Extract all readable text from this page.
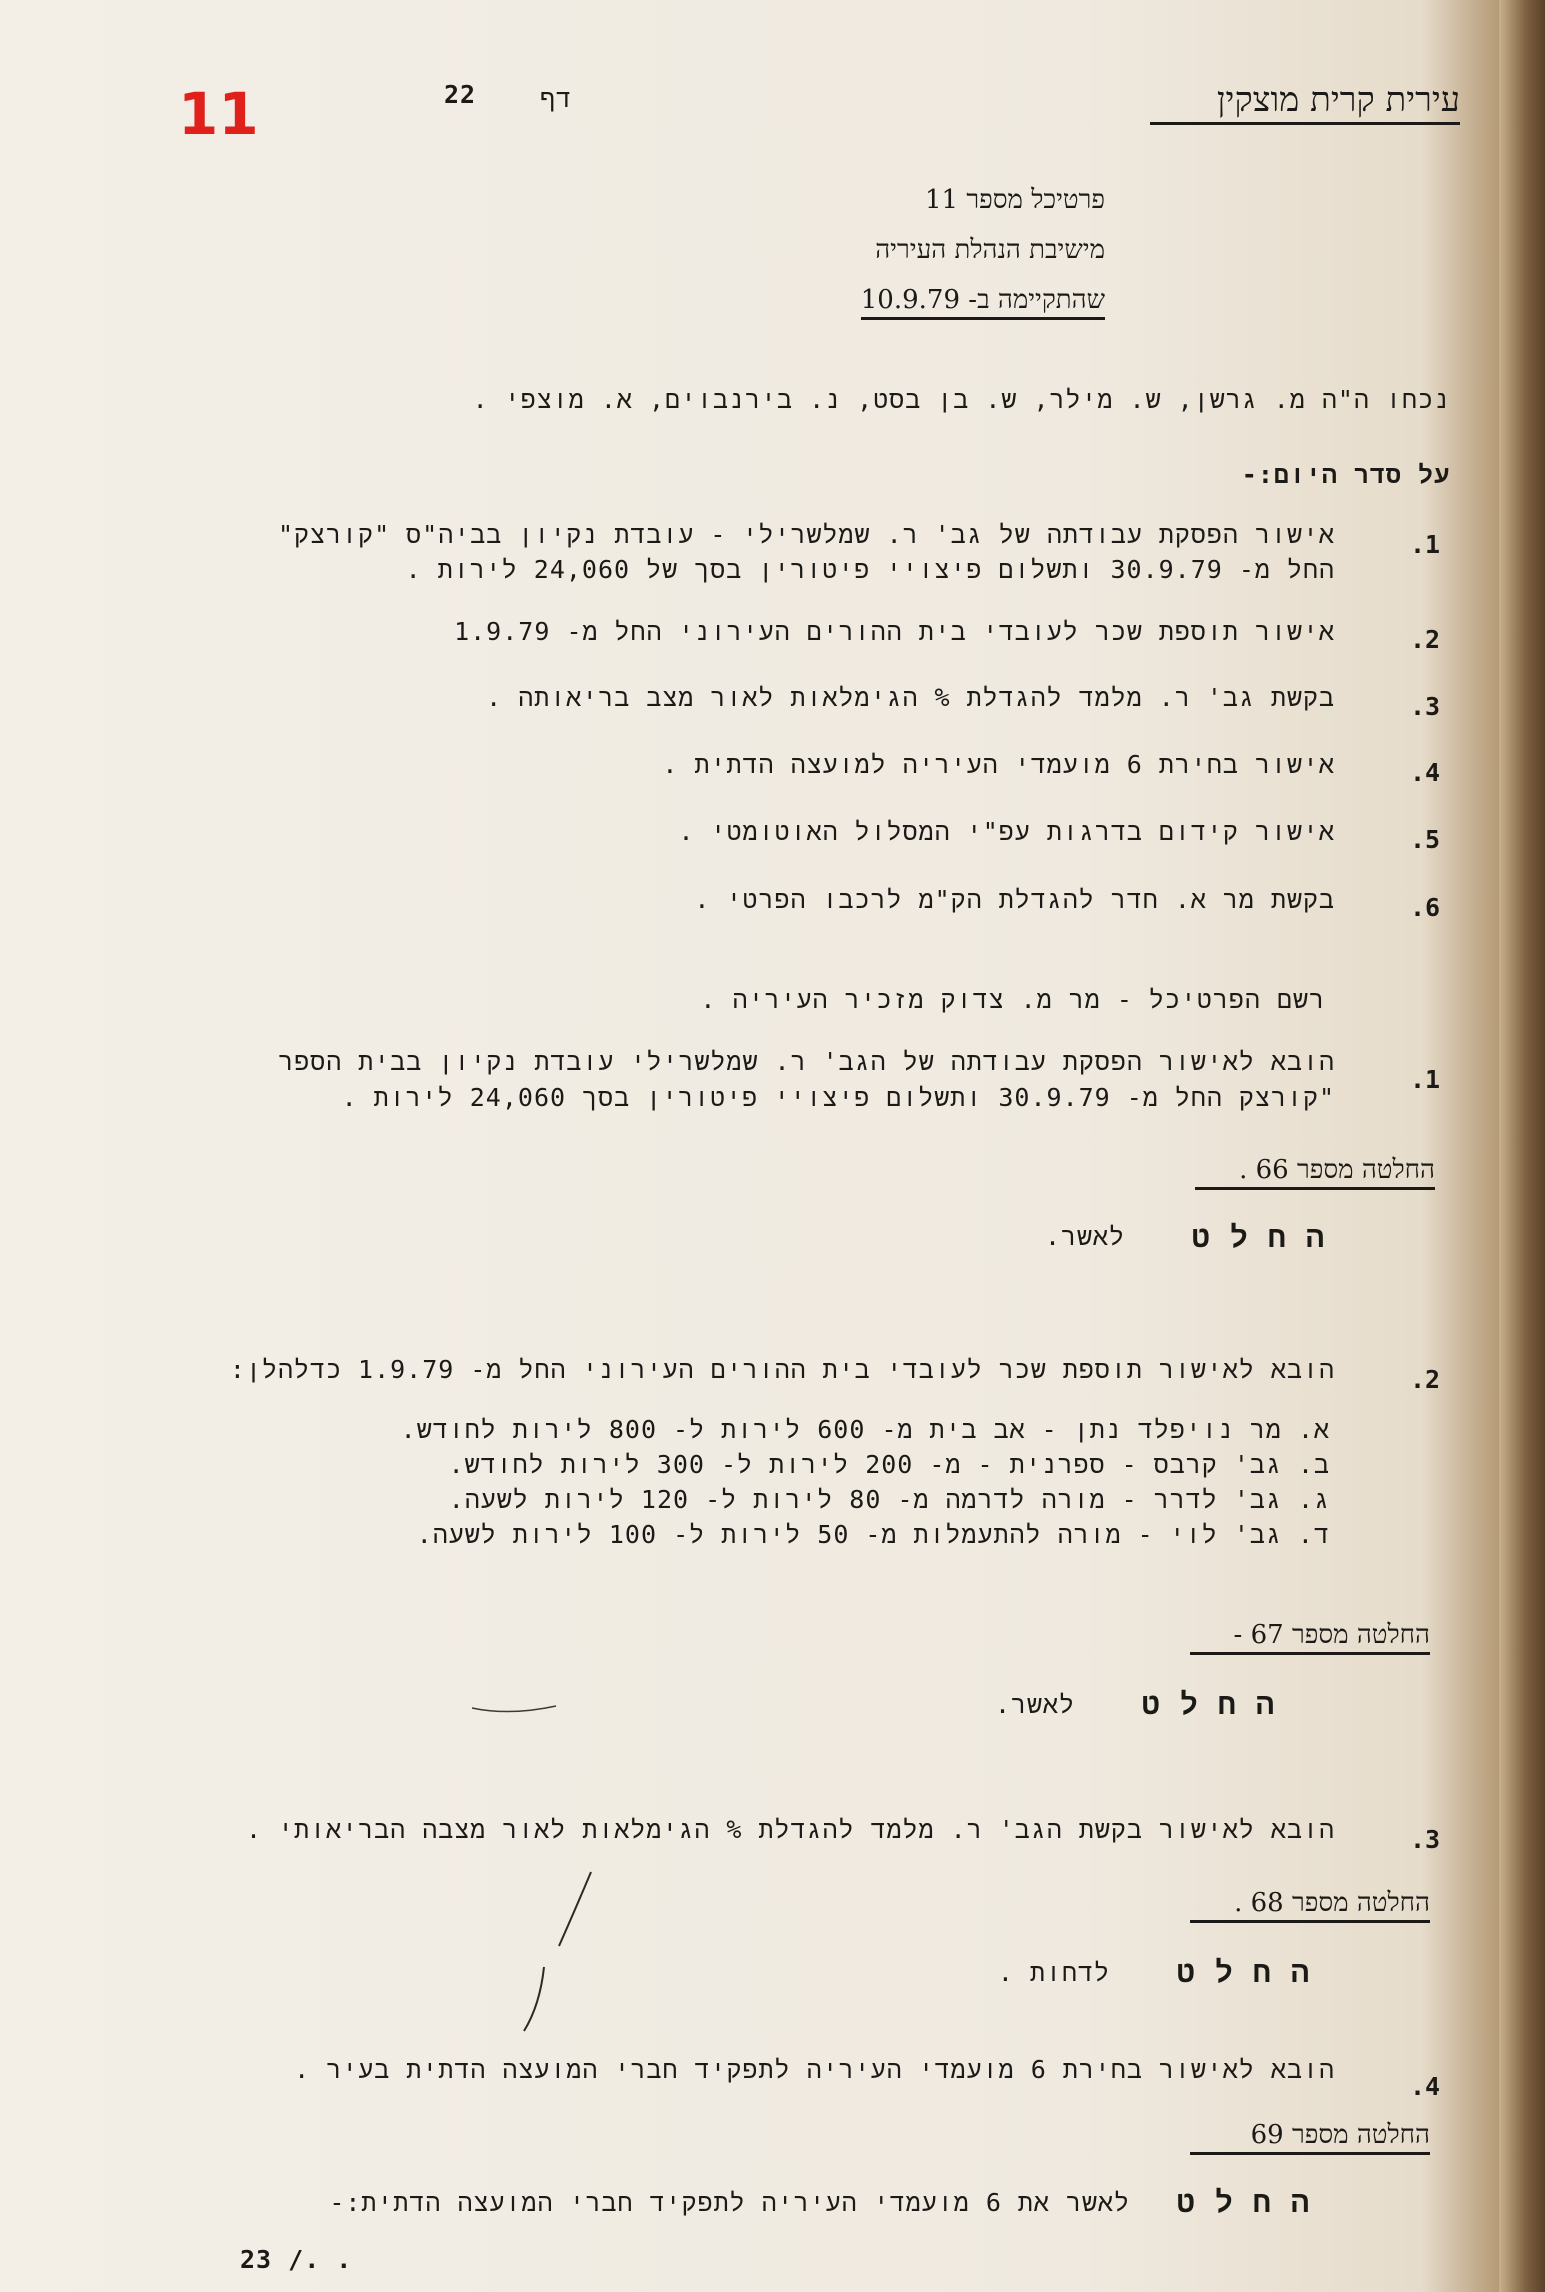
11	22	דף	עירית קרית מוצקין
פרטיכל מספר 11
מישיבת הנהלת העיריה
שהתקיימה ב- 10.9.79
נכחו ה"ה מ. גרשן, ש. מילר, ש. בן בסט, נ. בירנבוים, א. מוצפי .
על סדר היום:-
.1
אישור הפסקת עבודתה של גב' ר. שמלשרילי - עובדת נקיון בביה"ס "קורצק"
החל מ- 30.9.79 ותשלום פיצויי פיטורין בסך של 24,060 לירות .
.2
אישור תוספת שכר לעובדי בית ההורים העירוני החל מ- 1.9.79
.3
בקשת גב' ר. מלמד להגדלת % הגימלאות לאור מצב בריאותה .
.4
אישור בחירת 6 מועמדי העיריה למועצה הדתית .
.5
אישור קידום בדרגות עפ"י המסלול האוטומטי .
.6
בקשת מר א. חדר להגדלת הק"מ לרכבו הפרטי .
רשם הפרטיכל - מר מ. צדוק מזכיר העיריה .
.1
הובא לאישור הפסקת עבודתה של הגב' ר. שמלשרילי עובדת נקיון בבית הספר
"קורצק החל מ- 30.9.79 ותשלום פיצויי פיטורין בסך 24,060 לירות .
החלטה מספר 66 .
ה ח ל ט
לאשר.
.2
הובא לאישור תוספת שכר לעובדי בית ההורים העירוני החל מ- 1.9.79 כדלהלן:
א. מר נויפלד נתן - אב בית מ- 600 לירות ל- 800 לירות לחודש.
ב. גב' קרבס - ספרנית - מ- 200 לירות ל- 300 לירות לחודש.
ג. גב' לדרר - מורה לדרמה מ- 80 לירות ל- 120 לירות לשעה.
ד. גב' לוי - מורה להתעמלות מ- 50 לירות ל- 100 לירות לשעה.
החלטה מספר 67 -
ה ח ל ט
לאשר.
.3
הובא לאישור בקשת הגב' ר. מלמד להגדלת % הגימלאות לאור מצבה הבריאותי .
החלטה מספר 68 .
ה ח ל ט
לדחות .
.4
הובא לאישור בחירת 6 מועמדי העיריה לתפקיד חברי המועצה הדתית בעיר .
החלטה מספר 69
ה ח ל ט
לאשר את 6 מועמדי העיריה לתפקיד חברי המועצה הדתית:-
23 /. .
